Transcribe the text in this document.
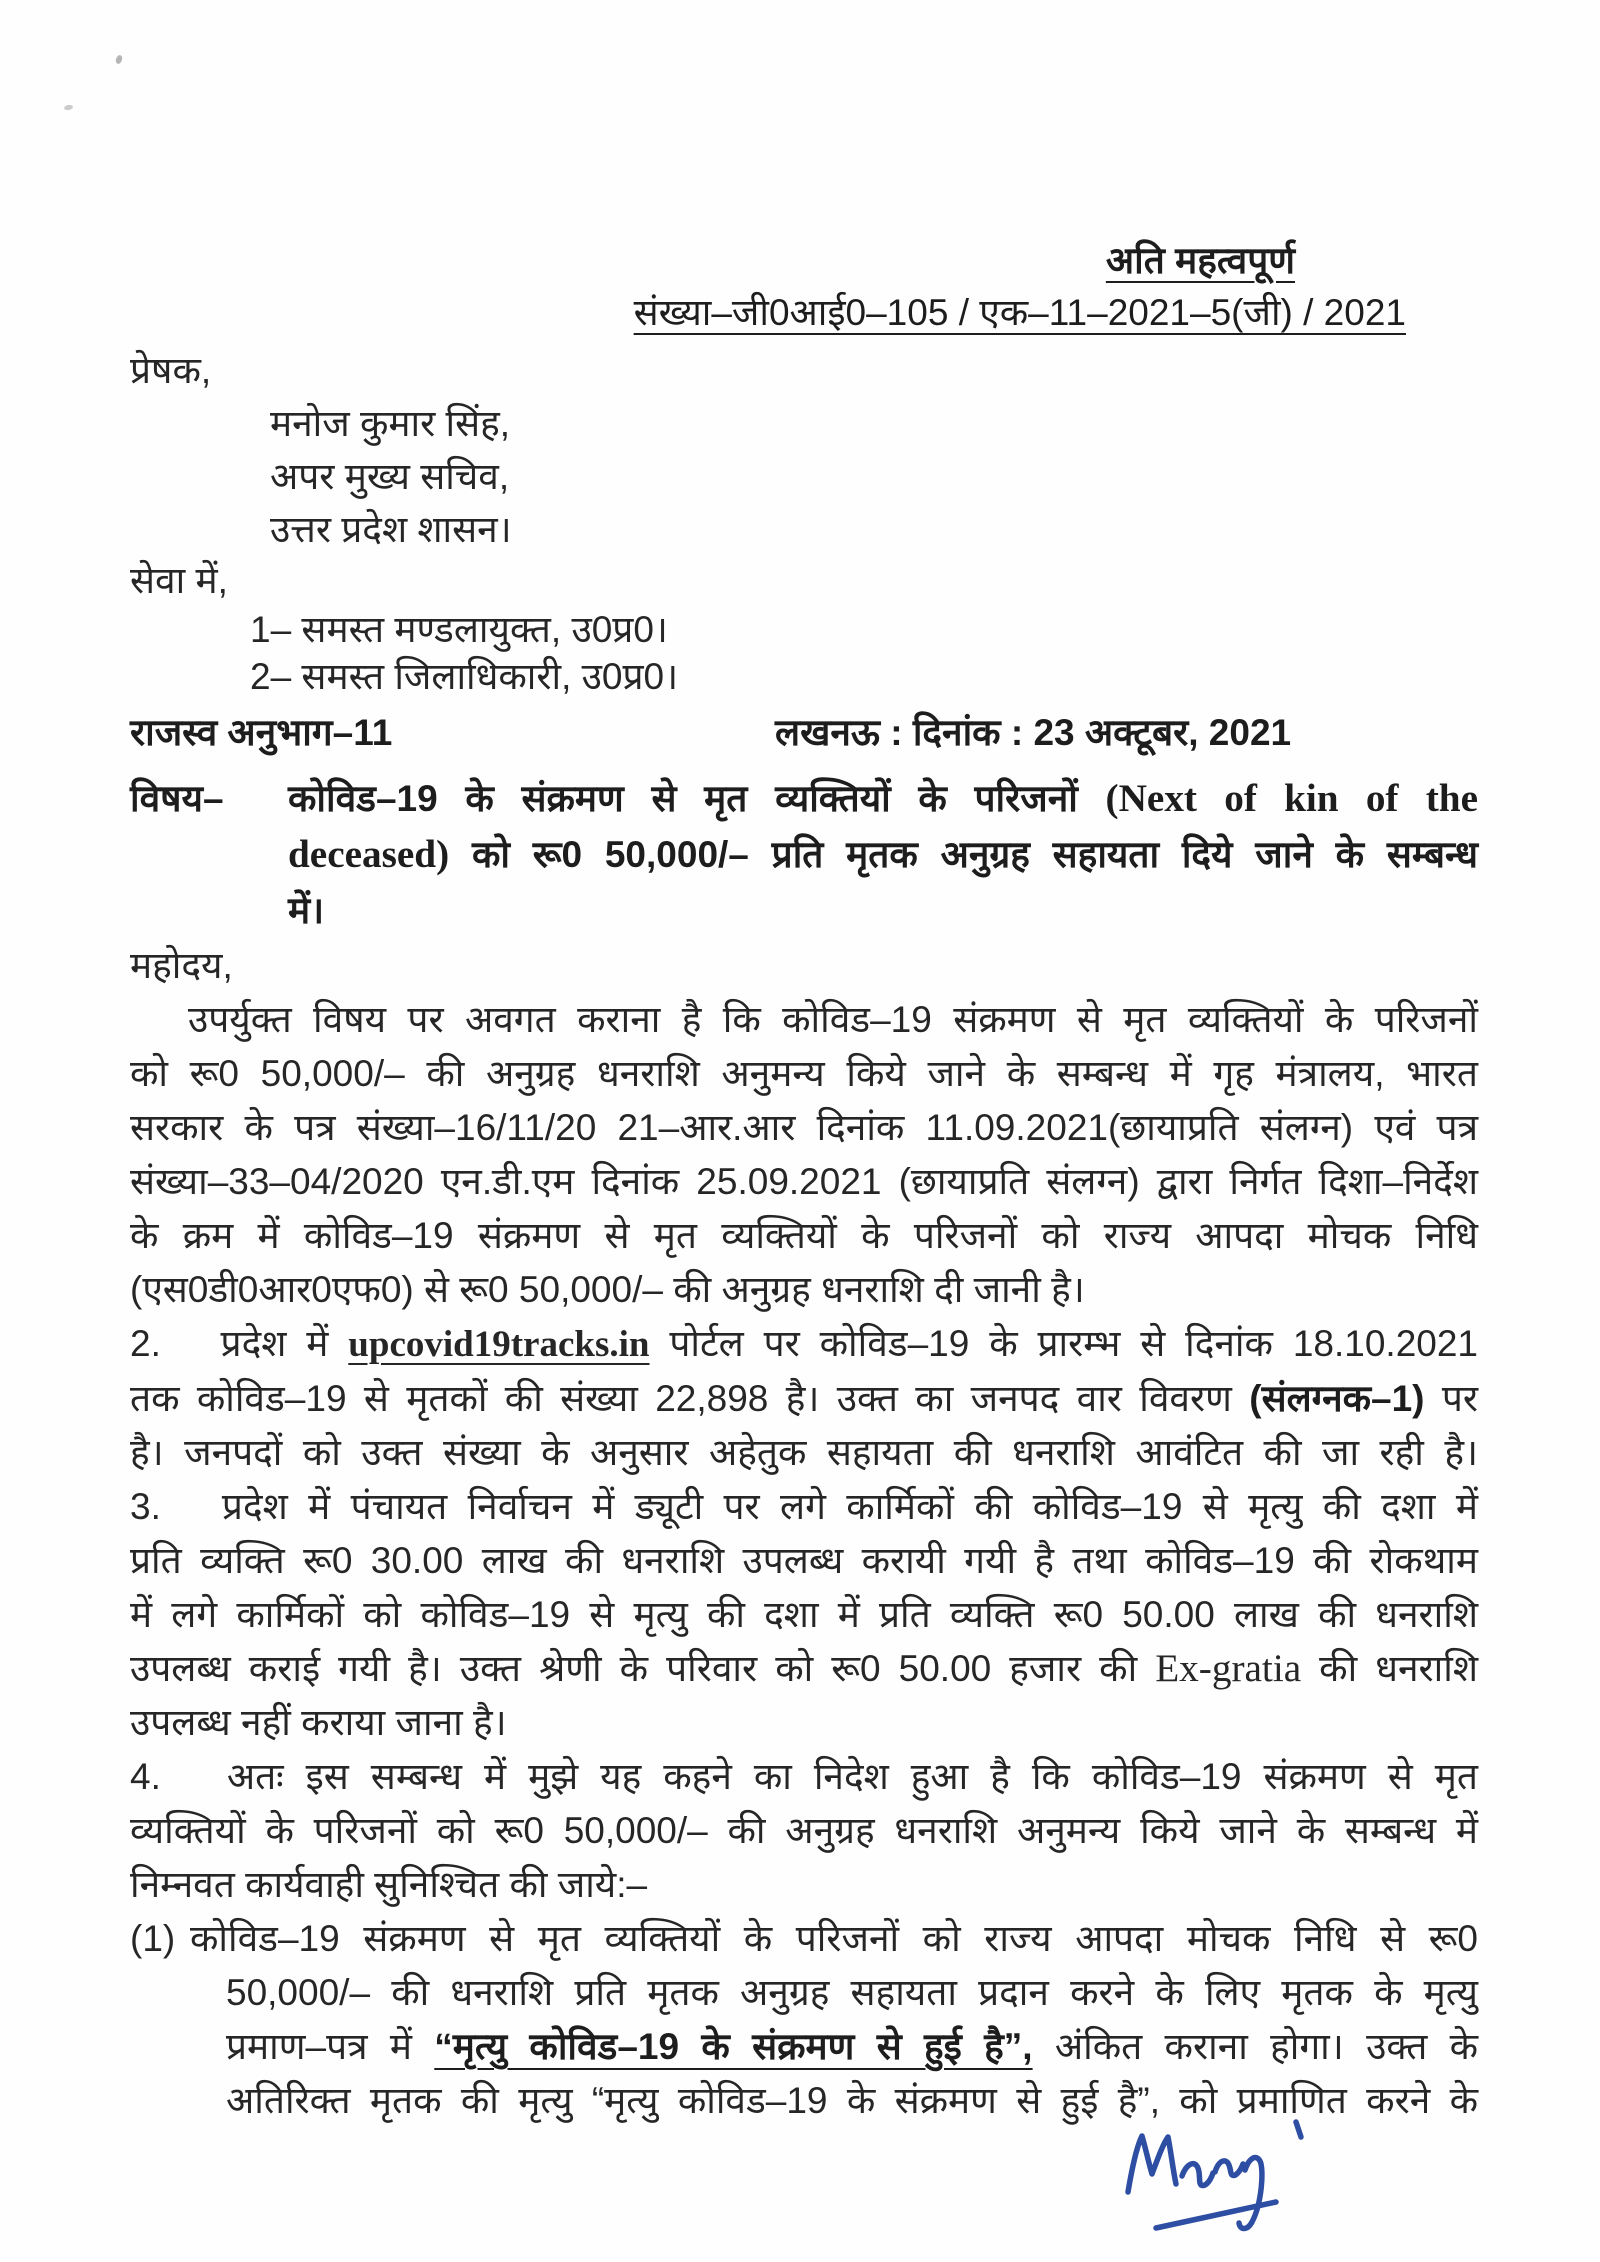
अति महत्वपूर्ण
संख्या–जी0आई0–105 / एक–11–2021–5(जी) / 2021
प्रेषक,
मनोज कुमार सिंह,
अपर मुख्य सचिव,
उत्तर प्रदेश शासन।
सेवा में,
1– समस्त मण्डलायुक्त, उ0प्र0।
2– समस्त जिलाधिकारी, उ0प्र0।
राजस्व अनुभाग–11	लखनऊ : दिनांक : 23 अक्टूबर, 2021
विषय– कोविड–19 के संक्रमण से मृत व्यक्तियों के परिजनों (Next of kin of the
deceased) को रू0 50,000/– प्रति मृतक अनुग्रह सहायता दिये जाने के सम्बन्ध
में।
महोदय,
उपर्युक्त विषय पर अवगत कराना है कि कोविड–19 संक्रमण से मृत व्यक्तियों के परिजनों
को रू0 50,000/– की अनुग्रह धनराशि अनुमन्य किये जाने के सम्बन्ध में गृह मंत्रालय, भारत
सरकार के पत्र संख्या–16/11/20 21–आर.आर दिनांक 11.09.2021(छायाप्रति संलग्न) एवं पत्र
संख्या–33–04/2020 एन.डी.एम दिनांक 25.09.2021 (छायाप्रति संलग्न) द्वारा निर्गत दिशा–निर्देश
के क्रम में कोविड–19 संक्रमण से मृत व्यक्तियों के परिजनों को राज्य आपदा मोचक निधि
(एस0डी0आर0एफ0) से रू0 50,000/– की अनुग्रह धनराशि दी जानी है।
2.   प्रदेश में upcovid19tracks.in पोर्टल पर कोविड–19 के प्रारम्भ से दिनांक 18.10.2021
तक कोविड–19 से मृतकों की संख्या 22,898 है। उक्त का जनपद वार विवरण (संलग्नक–1) पर
है। जनपदों को उक्त संख्या के अनुसार अहेतुक सहायता की धनराशि आवंटित की जा रही है।
3.   प्रदेश में पंचायत निर्वाचन में ड्यूटी पर लगे कार्मिकों की कोविड–19 से मृत्यु की दशा में
प्रति व्यक्ति रू0 30.00 लाख की धनराशि उपलब्ध करायी गयी है तथा कोविड–19 की रोकथाम
में लगे कार्मिकों को कोविड–19 से मृत्यु की दशा में प्रति व्यक्ति रू0 50.00 लाख की धनराशि
उपलब्ध कराई गयी है। उक्त श्रेणी के परिवार को रू0 50.00 हजार की Ex-gratia की धनराशि
उपलब्ध नहीं कराया जाना है।
4.   अतः इस सम्बन्ध में मुझे यह कहने का निदेश हुआ है कि कोविड–19 संक्रमण से मृत
व्यक्तियों के परिजनों को रू0 50,000/– की अनुग्रह धनराशि अनुमन्य किये जाने के सम्बन्ध में
निम्नवत कार्यवाही सुनिश्चित की जाये:–
(1) कोविड–19 संक्रमण से मृत व्यक्तियों के परिजनों को राज्य आपदा मोचक निधि से रू0
50,000/– की धनराशि प्रति मृतक अनुग्रह सहायता प्रदान करने के लिए मृतक के मृत्यु
प्रमाण–पत्र में “मृत्यु कोविड–19 के संक्रमण से हुई है”, अंकित कराना होगा। उक्त के
अतिरिक्त मृतक की मृत्यु “मृत्यु कोविड–19 के संक्रमण से हुई है”, को प्रमाणित करने के
